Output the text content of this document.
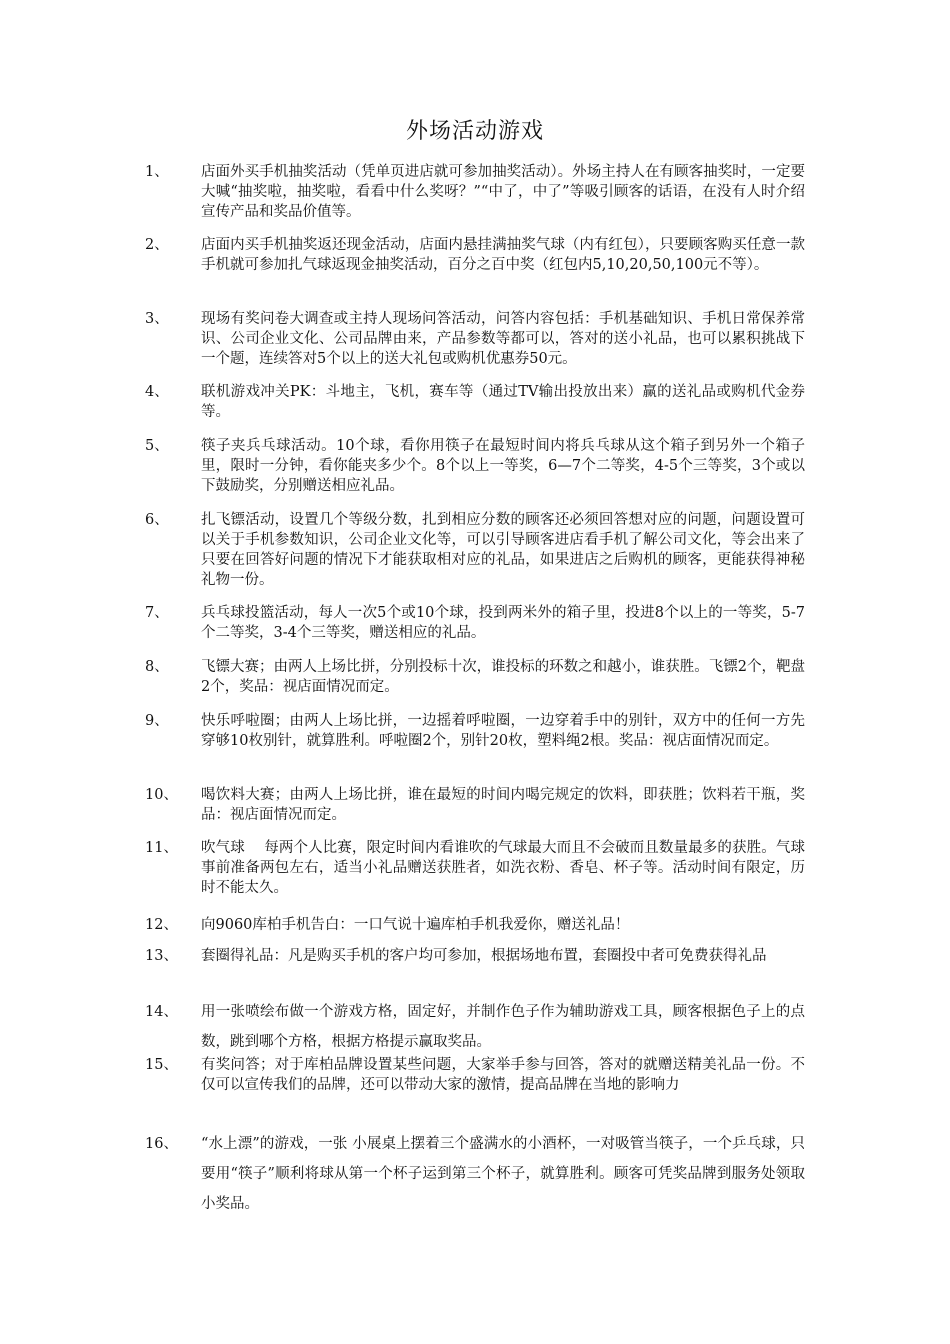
外场活动游戏
1、 店面外买手机抽奖活动（凭单页进店就可参加抽奖活动）。外场主持人在有顾客抽奖时，一定要大喊“抽奖啦，抽奖啦，看看中什么奖呀？”“中了，中了”等吸引顾客的话语，在没有人时介绍宣传产品和奖品价值等。
2、 店面内买手机抽奖返还现金活动，店面内悬挂满抽奖气球（内有红包），只要顾客购买任意一款手机就可参加扎气球返现金抽奖活动，百分之百中奖（红包内5,10,20,50,100元不等）。
3、 现场有奖问卷大调查或主持人现场问答活动，问答内容包括：手机基础知识、手机日常保养常识、公司企业文化、公司品牌由来，产品参数等都可以，答对的送小礼品，也可以累积挑战下一个题，连续答对5个以上的送大礼包或购机优惠券50元。
4、 联机游戏冲关PK：斗地主，飞机，赛车等（通过TV输出投放出来）赢的送礼品或购机代金券等。
5、 筷子夹兵乓球活动。10个球，看你用筷子在最短时间内将兵乓球从这个箱子到另外一个箱子里，限时一分钟，看你能夹多少个。8个以上一等奖，6—7个二等奖，4-5个三等奖，3个或以下鼓励奖，分别赠送相应礼品。
6、 扎飞镖活动，设置几个等级分数，扎到相应分数的顾客还必须回答想对应的问题，问题设置可以关于手机参数知识，公司企业文化等，可以引导顾客进店看手机了解公司文化，等会出来了只要在回答好问题的情况下才能获取相对应的礼品，如果进店之后购机的顾客，更能获得神秘礼物一份。
7、 兵乓球投篮活动，每人一次5个或10个球，投到两米外的箱子里，投进8个以上的一等奖，5-7个二等奖，3-4个三等奖，赠送相应的礼品。
8、 飞镖大赛；由两人上场比拼，分别投标十次，谁投标的环数之和越小，谁获胜。飞镖2个，靶盘2个，奖品：视店面情况而定。
9、 快乐呼啦圈；由两人上场比拼，一边摇着呼啦圈，一边穿着手中的别针，双方中的任何一方先穿够10枚别针，就算胜利。呼啦圈2个，别针20枚，塑料绳2根。奖品：视店面情况而定。
10、 喝饮料大赛；由两人上场比拼，谁在最短的时间内喝完规定的饮料，即获胜；饮料若干瓶，奖品：视店面情况而定。
11、 吹气球　 每两个人比赛，限定时间内看谁吹的气球最大而且不会破而且数量最多的获胜。气球事前准备两包左右，适当小礼品赠送获胜者，如洗衣粉、香皂、杯子等。活动时间有限定，历时不能太久。
12、 向9060库柏手机告白：一口气说十遍库柏手机我爱你，赠送礼品！
13、 套圈得礼品：凡是购买手机的客户均可参加，根据场地布置，套圈投中者可免费获得礼品
14、 用一张喷绘布做一个游戏方格，固定好，并制作色子作为辅助游戏工具，顾客根据色子上的点数，跳到哪个方格，根据方格提示赢取奖品。
15、 有奖问答；对于库柏品牌设置某些问题，大家举手参与回答，答对的就赠送精美礼品一份。不仅可以宣传我们的品牌，还可以带动大家的激情，提高品牌在当地的影响力
16、 “水上漂”的游戏，一张 小展桌上摆着三个盛满水的小酒杯，一对吸管当筷子，一个乒乓球，只要用“筷子”顺利将球从第一个杯子运到第三个杯子，就算胜利。顾客可凭奖品牌到服务处领取小奖品。
